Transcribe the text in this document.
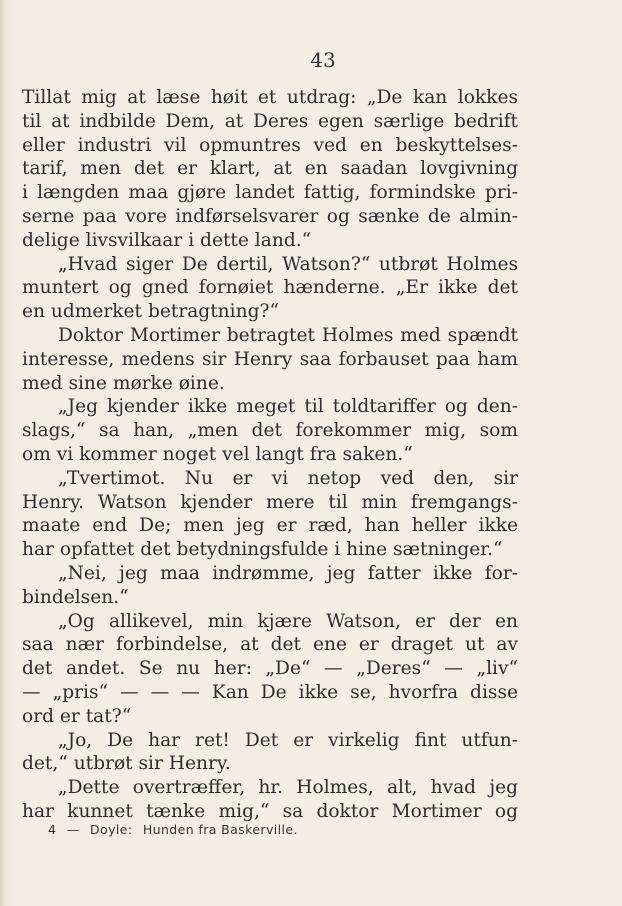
43
Tillat mig at læse høit et utdrag: „De kan lokkes
til at indbilde Dem, at Deres egen særlige bedrift
eller industri vil opmuntres ved en beskyttelses-
tarif, men det er klart, at en saadan lovgivning
i længden maa gjøre landet fattig, formindske pri-
serne paa vore indførselsvarer og sænke de almin-
delige livsvilkaar i dette land.“
„Hvad siger De dertil, Watson?“ utbrøt Holmes
muntert og gned fornøiet hænderne. „Er ikke det
en udmerket betragtning?“
Doktor Mortimer betragtet Holmes med spændt
interesse, medens sir Henry saa forbauset paa ham
med sine mørke øine.
„Jeg kjender ikke meget til toldtariffer og den-
slags,“ sa han, „men det forekommer mig, som
om vi kommer noget vel langt fra saken.“
„Tvertimot. Nu er vi netop ved den, sir
Henry. Watson kjender mere til min fremgangs-
maate end De; men jeg er ræd, han heller ikke
har opfattet det betydningsfulde i hine sætninger.“
„Nei, jeg maa indrømme, jeg fatter ikke for-
bindelsen.“
„Og allikevel, min kjære Watson, er der en
saa nær forbindelse, at det ene er draget ut av
det andet. Se nu her: „De“ — „Deres“ — „liv“
— „pris“ — — — Kan De ikke se, hvorfra disse
ord er tat?“
„Jo, De har ret! Det er virkelig fint utfun-
det,“ utbrøt sir Henry.
„Dette overtræffer, hr. Holmes, alt, hvad jeg
har kunnet tænke mig,“ sa doktor Mortimer og
4 — Doyle: Hunden fra Baskerville.
